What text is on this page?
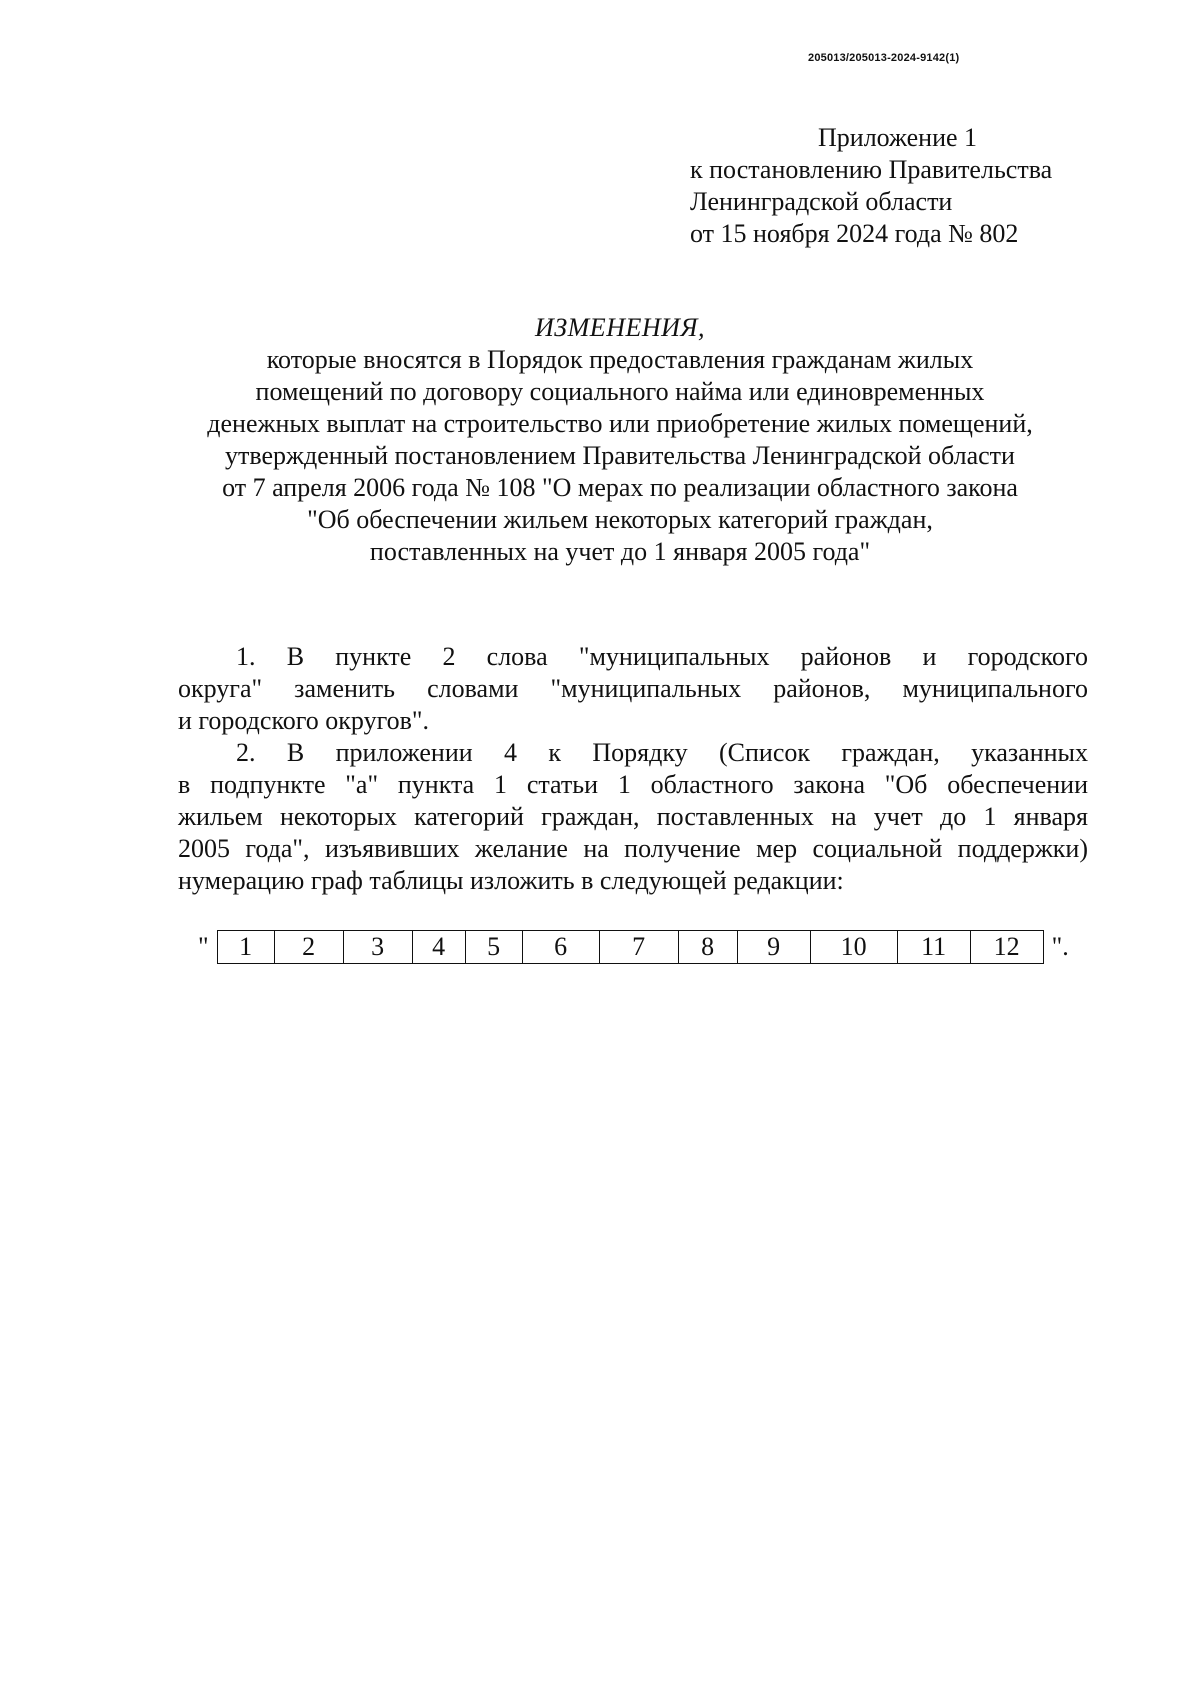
205013/205013-2024-9142(1)
Приложение 1
к постановлению Правительства
Ленинградской области
от 15 ноября 2024 года № 802
ИЗМЕНЕНИЯ,
которые вносятся в Порядок предоставления гражданам жилых
помещений по договору социального найма или единовременных
денежных выплат на строительство или приобретение жилых помещений,
утвержденный постановлением Правительства Ленинградской области
от 7 апреля 2006 года № 108 "О мерах по реализации областного закона
"Об обеспечении жильем некоторых категорий граждан,
поставленных на учет до 1 января 2005 года"

1. В пункте 2 слова "муниципальных районов и городского
округа" заменить словами "муниципальных районов, муниципального
и городского округов".

2. В приложении 4 к Порядку (Список граждан, указанных
в подпункте "а" пункта 1 статьи 1 областного закона "Об обеспечении
жильем некоторых категорий граждан, поставленных на учет до 1 января
2005 года", изъявивших желание на получение мер социальной поддержки)
нумерацию граф таблицы изложить в следующей редакции:

" 1	2	3	4	5	6	7	8	9	10	11	12 ".
